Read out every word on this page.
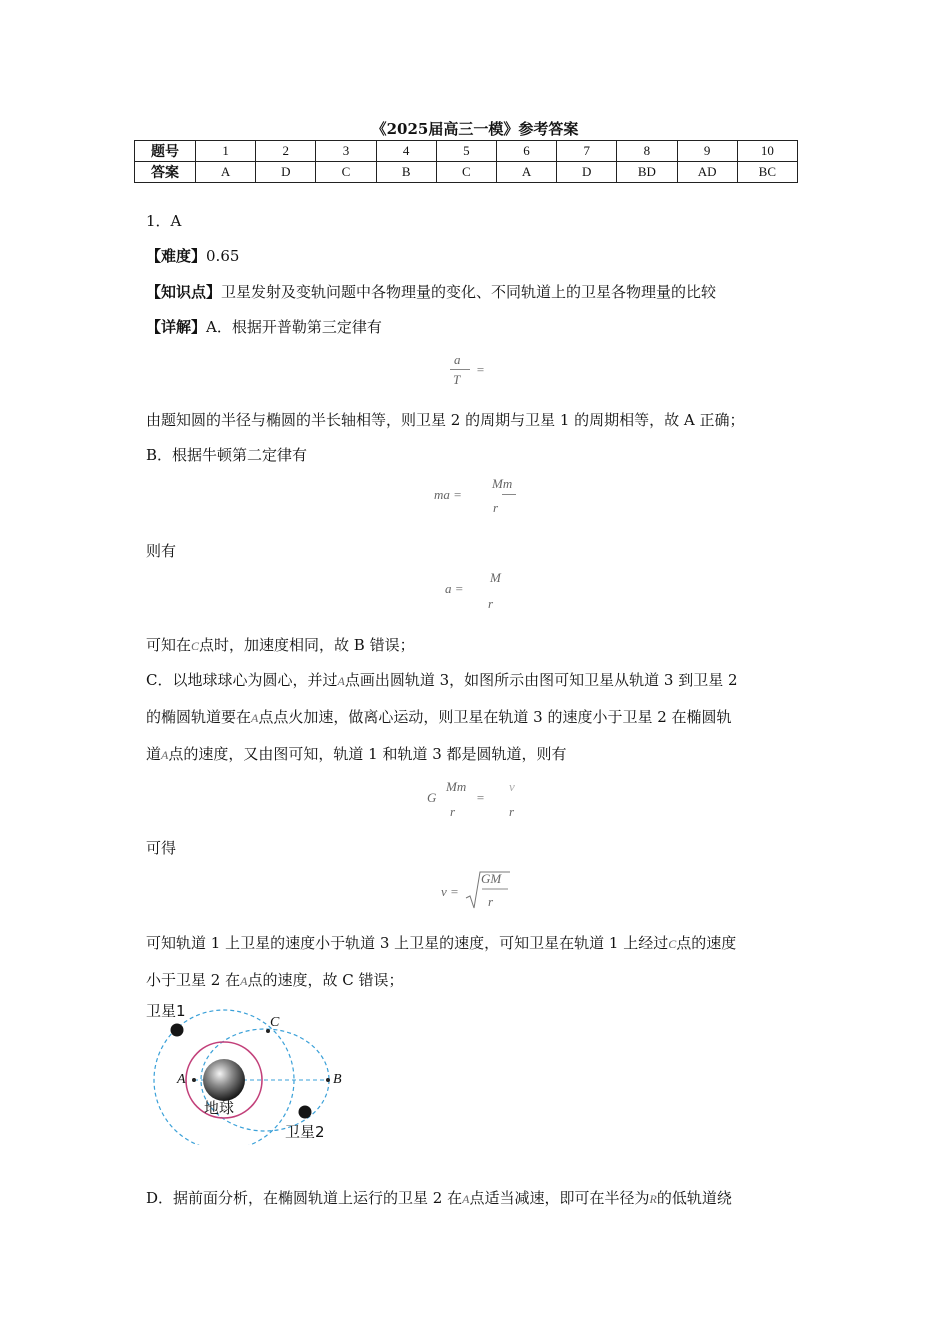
《2025届高三一模》参考答案
题号	1	2	3	4	5	6	7	8	9	10
答案	A	D	C	B	C	A	D	BD	AD	BC
1．A
【难度】0.65
【知识点】卫星发射及变轨问题中各物理量的变化、不同轨道上的卫星各物理量的比较
【详解】A．根据开普勒第三定律有
a
T
=
由题知圆的半径与椭圆的半长轴相等，则卫星 2 的周期与卫星 1 的周期相等，故 A 正确；
B．根据牛顿第二定律有
ma =
Mm
r
则有
a =
M
r
可知在C点时，加速度相同，故 B 错误；
C．以地球球心为圆心，并过A点画出圆轨道 3，如图所示由图可知卫星从轨道 3 到卫星 2
的椭圆轨道要在A点点火加速，做离心运动，则卫星在轨道 3 的速度小于卫星 2 在椭圆轨
道A点的速度，又由图可知，轨道 1 和轨道 3 都是圆轨道，则有
G
Mm
r
=
v
r
可得
v =
GM
r
可知轨道 1 上卫星的速度小于轨道 3 上卫星的速度，可知卫星在轨道 1 上经过C点的速度
小于卫星 2 在A点的速度，故 C 错误；
卫星1
C
A	B
地球
卫星2
D．据前面分析，在椭圆轨道上运行的卫星 2 在A点适当减速，即可在半径为R的低轨道绕
